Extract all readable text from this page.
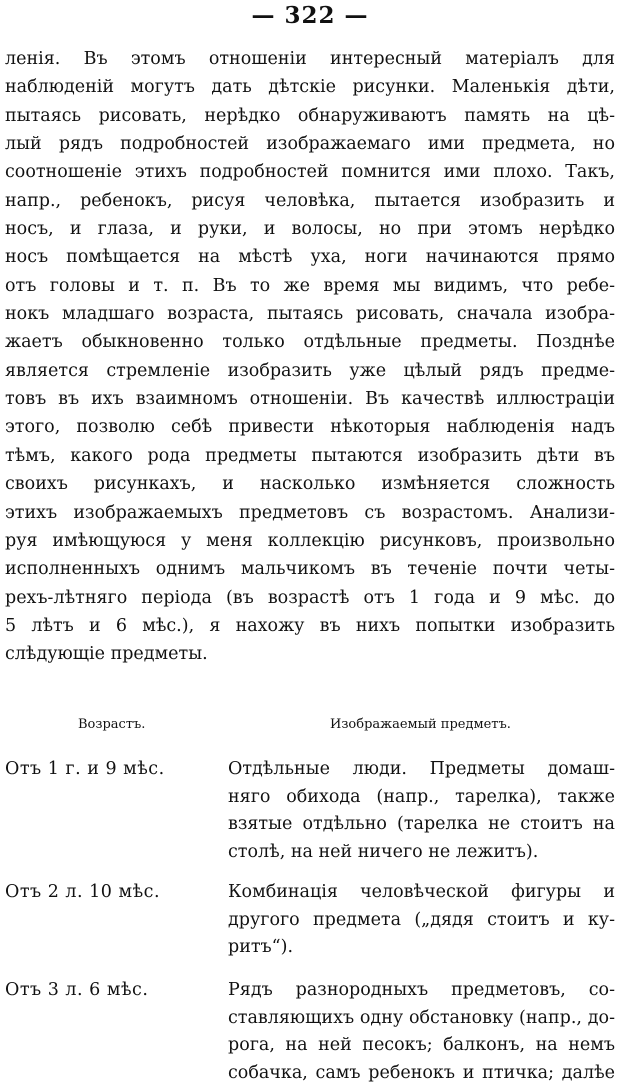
— 322 —
ленія. Въ этомъ отношеніи интересный матеріалъ для
наблюденій могутъ дать дѣтскіе рисунки. Маленькія дѣти,
пытаясь рисовать, нерѣдко обнаруживаютъ память на цѣ-
лый рядъ подробностей изображаемаго ими предмета, но
соотношеніе этихъ подробностей помнится ими плохо. Такъ,
напр., ребенокъ, рисуя человѣка, пытается изобразить и
носъ, и глаза, и руки, и волосы, но при этомъ нерѣдко
носъ помѣщается на мѣстѣ уха, ноги начинаются прямо
отъ головы и т. п. Въ то же время мы видимъ, что ребе-
нокъ младшаго возраста, пытаясь рисовать, сначала изобра-
жаетъ обыкновенно только отдѣльные предметы. Позднѣе
является стремленіе изобразить уже цѣлый рядъ предме-
товъ въ ихъ взаимномъ отношеніи. Въ качествѣ иллюстраціи
этого, позволю себѣ привести нѣкоторыя наблюденія надъ
тѣмъ, какого рода предметы пытаются изобразить дѣти въ
своихъ рисункахъ, и насколько измѣняется сложность
этихъ изображаемыхъ предметовъ съ возрастомъ. Анализи-
руя имѣющуюся у меня коллекцію рисунковъ, произвольно
исполненныхъ однимъ мальчикомъ въ теченіе почти четы-
рехъ-лѣтняго періода (въ возрастѣ отъ 1 года и 9 мѣс. до
5 лѣтъ и 6 мѣс.), я нахожу въ нихъ попытки изобразить
слѣдующіе предметы.
Возрастъ.	Изображаемый предметъ.
Отъ 1 г. и 9 мѣс.	Отдѣльные люди. Предметы домаш-
няго обихода (напр., тарелка), также
взятые отдѣльно (тарелка не стоитъ на
столѣ, на ней ничего не лежитъ).
Отъ 2 л. 10 мѣс.	Комбинація человѣческой фигуры и
другого предмета („дядя стоитъ и ку-
ритъ“).
Отъ 3 л. 6 мѣс.	Рядъ разнородныхъ предметовъ, со-
ставляющихъ одну обстановку (напр., до-
рога, на ней песокъ; балконъ, на немъ
собачка, самъ ребенокъ и птичка; далѣе
